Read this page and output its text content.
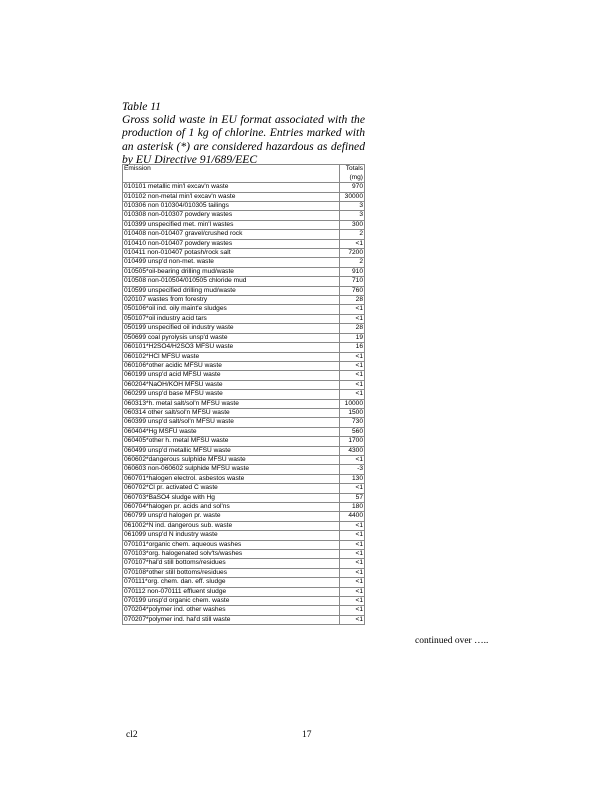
Table 11
Gross solid waste in EU format associated with the production of 1 kg of chlorine. Entries marked with an asterisk (*) are considered hazardous as defined by EU Directive 91/689/EEC
Emission	Totals
(mg)
010101 metallic min'l excav'n waste	970
010102 non-metal min'l excav'n waste	30000
010306 non 010304/010305 tailings	3
010308 non-010307 powdery wastes	3
010399 unspecified met. min'l wastes	300
010408 non-010407 gravel/crushed rock	2
010410 non-010407 powdery wastes	<1
010411 non-010407 potash/rock salt	7200
010499 unsp'd non-met. waste	2
010505*oil-bearing drilling mud/waste	910
010508 non-010504/010505 chloride mud	710
010599 unspecified drilling mud/waste	760
020107 wastes from forestry	28
050106*oil ind. oily maint'e sludges	<1
050107*oil industry acid tars	<1
050199 unspecified oil industry waste	28
050699 coal pyrolysis unsp'd waste	19
060101*H2SO4/H2SO3 MFSU waste	16
060102*HCl MFSU waste	<1
060106*other acidic MFSU waste	<1
060199 unsp'd acid MFSU waste	<1
060204*NaOH/KOH MFSU waste	<1
060299 unsp'd base MFSU waste	<1
060313*h. metal salt/sol'n MFSU waste	10000
060314 other salt/sol'n MFSU waste	1500
060399 unsp'd salt/sol'n MFSU waste	730
060404*Hg MSFU waste	560
060405*other h. metal MFSU waste	1700
060499 unsp'd metallic MFSU waste	4300
060602*dangerous sulphide MFSU waste	<1
060603 non-060602 sulphide MFSU waste	-3
060701*halogen electrol. asbestos waste	130
060702*Cl pr. activated C waste	<1
060703*BaSO4 sludge with Hg	57
060704*halogen pr. acids and sol'ns	180
060799 unsp'd halogen pr. waste	4400
061002*N ind. dangerous sub. waste	<1
061099 unsp'd N industry waste	<1
070101*organic chem. aqueous washes	<1
070103*org. halogenated solv'ts/washes	<1
070107*hal'd still bottoms/residues	<1
070108*other still bottoms/residues	<1
070111*org. chem. dan. eff. sludge	<1
070112 non-070111 effluent sludge	<1
070199 unsp'd organic chem. waste	<1
070204*polymer ind. other washes	<1
070207*polymer ind. hal'd still waste	<1
continued over …..
cl2	17
